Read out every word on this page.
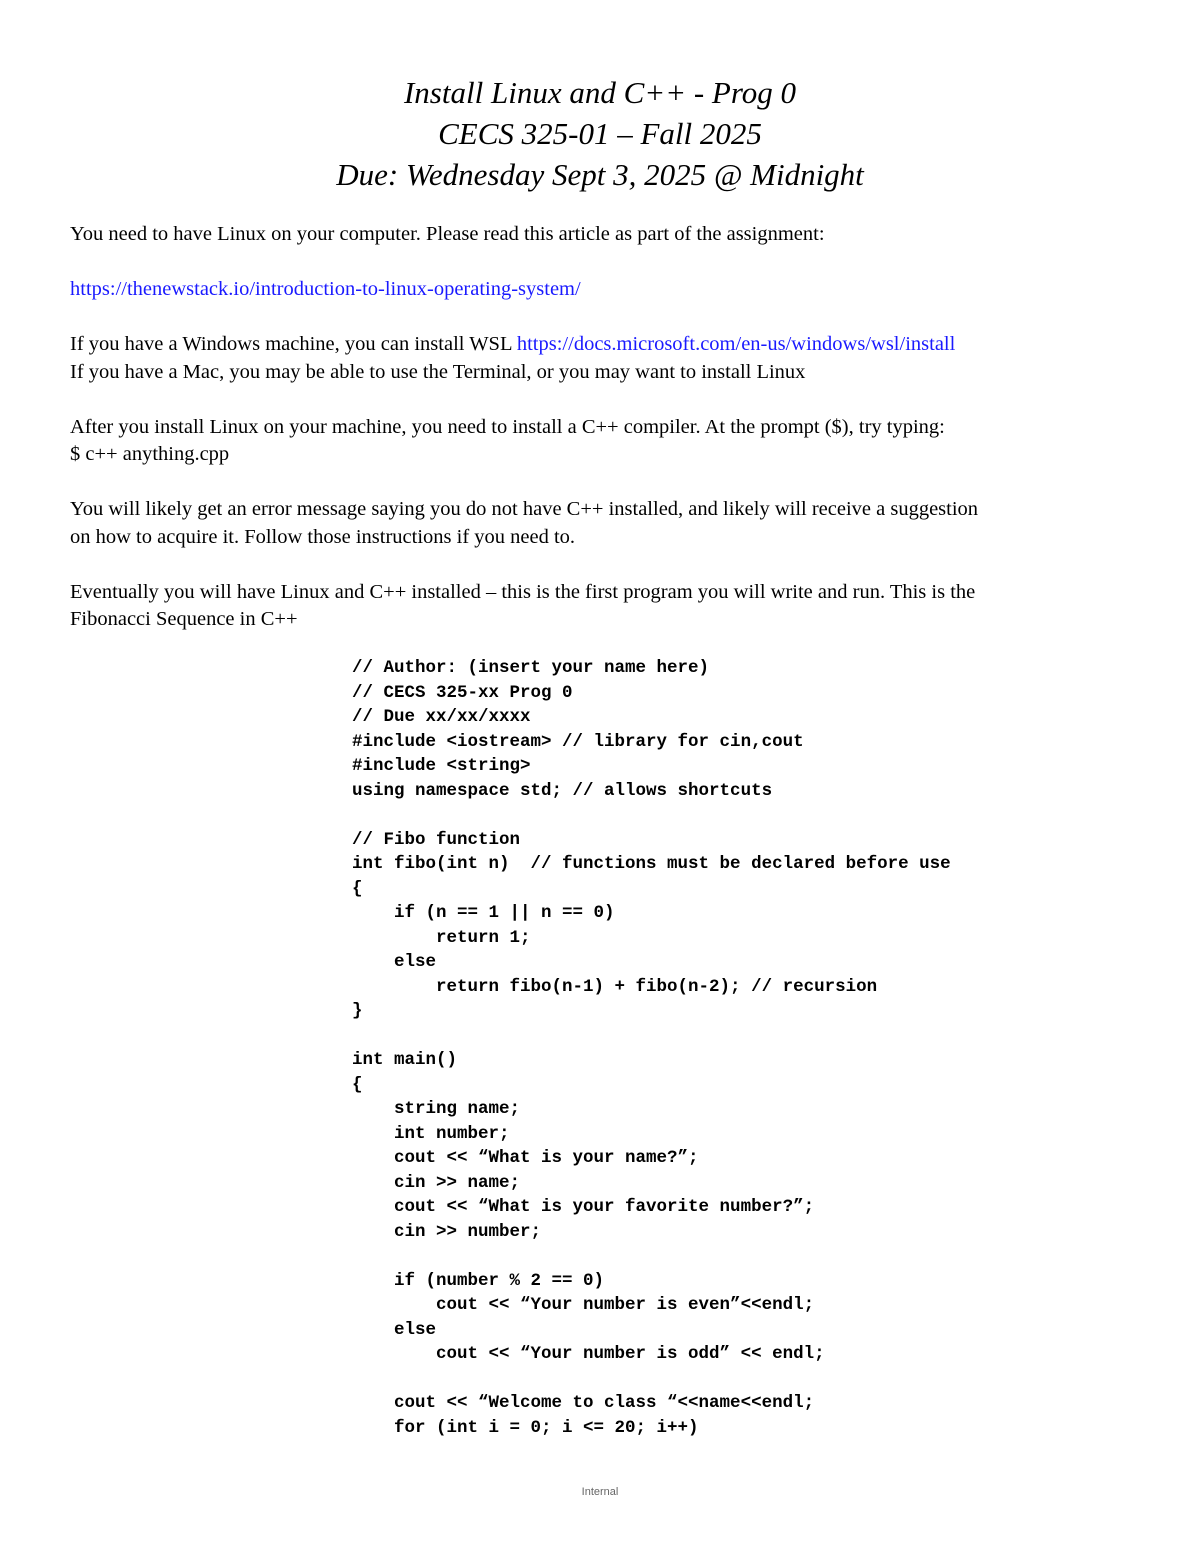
Install Linux and C++ - Prog 0
CECS 325-01 – Fall 2025
Due: Wednesday Sept 3, 2025 @ Midnight

You need to have Linux on your computer. Please read this article as part of the assignment:

https://thenewstack.io/introduction-to-linux-operating-system/

If you have a Windows machine, you can install WSL https://docs.microsoft.com/en-us/windows/wsl/install
If you have a Mac, you may be able to use the Terminal, or you may want to install Linux

After you install Linux on your machine, you need to install a C++ compiler. At the prompt ($), try typing:
$ c++ anything.cpp

You will likely get an error message saying you do not have C++ installed, and likely will receive a suggestion
on how to acquire it. Follow those instructions if you need to.

Eventually you will have Linux and C++ installed – this is the first program you will write and run. This is the
Fibonacci Sequence in C++

// Author: (insert your name here)
// CECS 325-xx Prog 0
// Due xx/xx/xxxx
#include <iostream> // library for cin,cout
#include <string>
using namespace std; // allows shortcuts
// Fibo function
int fibo(int n)  // functions must be declared before use
{
if (n == 1 || n == 0)
return 1;
else
return fibo(n-1) + fibo(n-2); // recursion
}
int main()
{
string name;
int number;
cout << “What is your name?”;
cin >> name;
cout << “What is your favorite number?”;
cin >> number;
if (number % 2 == 0)
cout << “Your number is even”<<endl;
else
cout << “Your number is odd” << endl;
cout << “Welcome to class “<<name<<endl;
for (int i = 0; i <= 20; i++)
Internal
